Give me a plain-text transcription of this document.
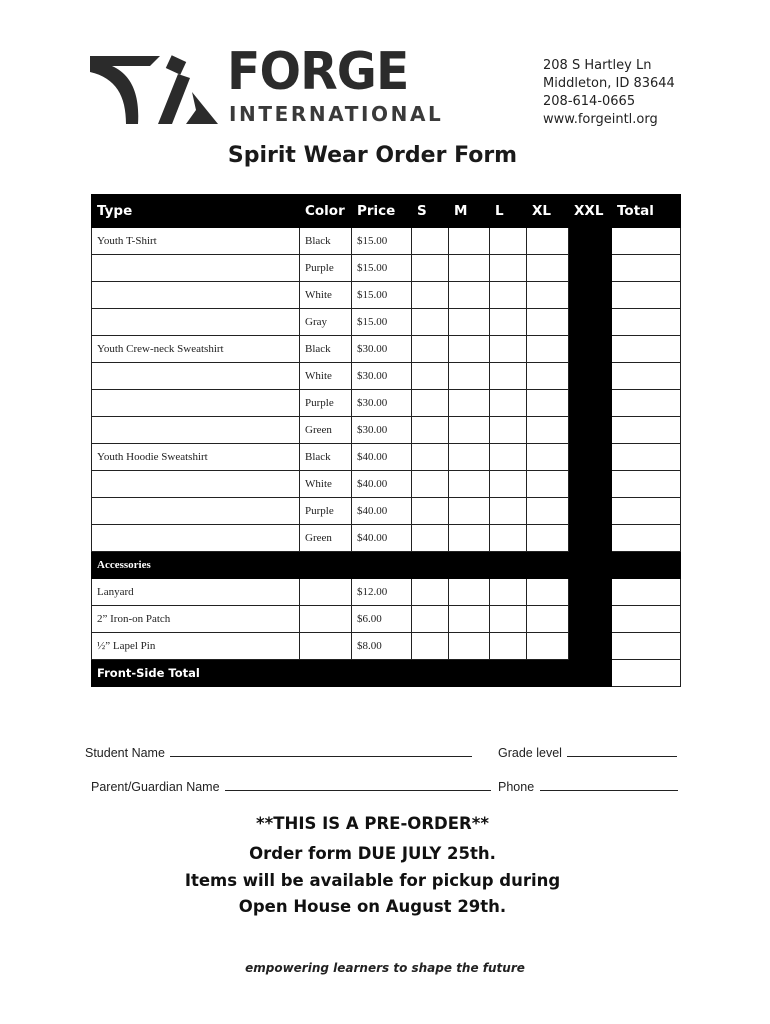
FORGE
INTERNATIONAL
208 S Hartley Ln
Middleton, ID 83644
208-614-0665
www.forgeintl.org
Spirit Wear Order Form
Type	Color	Price	S	M	L	XL	XXL	Total
Youth T-Shirt	Black	$15.00						
	Purple	$15.00						
	White	$15.00						
	Gray	$15.00						
Youth Crew-neck Sweatshirt	Black	$30.00						
	White	$30.00						
	Purple	$30.00						
	Green	$30.00						
Youth Hoodie Sweatshirt	Black	$40.00						
	White	$40.00						
	Purple	$40.00						
	Green	$40.00						
Accessories								
Lanyard		$12.00						
2” Iron-on Patch		$6.00						
½” Lapel Pin		$8.00						
Front-Side Total								
Student Name	Grade level
Parent/Guardian Name	Phone
**THIS IS A PRE-ORDER**
Order form DUE JULY 25th.
Items will be available for pickup during
Open House on August 29th.
empowering learners to shape the future
